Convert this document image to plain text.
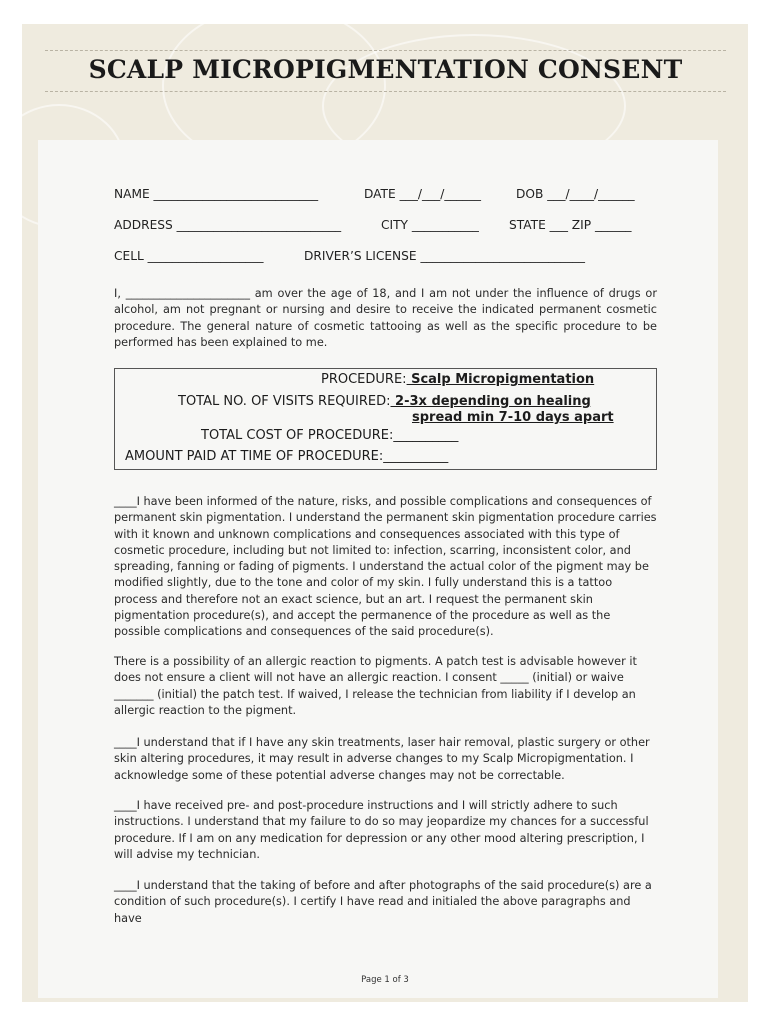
SCALP MICROPIGMENTATION CONSENT
NAME ___________________________	DATE ___/___/______	DOB ___/____/______
ADDRESS ___________________________	CITY ___________ STATE ___ ZIP ______
CELL ___________________	DRIVER’S LICENSE ___________________________

I, ______________________ am over the age of 18, and I am not under the influence of drugs or alcohol, am not pregnant or nursing and desire to receive the indicated permanent cosmetic procedure. The general nature of cosmetic tattooing as well as the specific procedure to be performed has been explained to me.

PROCEDURE: Scalp Micropigmentation
TOTAL NO. OF VISITS REQUIRED: 2-3x depending on healing
spread min 7-10 days apart
TOTAL COST OF PROCEDURE:__________
AMOUNT PAID AT TIME OF PROCEDURE:__________

____I have been informed of the nature, risks, and possible complications and consequences of permanent skin pigmentation. I understand the permanent skin pigmentation procedure carries with it known and unknown complications and consequences associated with this type of cosmetic procedure, including but not limited to: infection, scarring, inconsistent color, and spreading, fanning or fading of pigments. I understand the actual color of the pigment may be modified slightly, due to the tone and color of my skin. I fully understand this is a tattoo process and therefore not an exact science, but an art. I request the permanent skin pigmentation procedure(s), and accept the permanence of the procedure as well as the possible complications and consequences of the said procedure(s).

There is a possibility of an allergic reaction to pigments. A patch test is advisable however it does not ensure a client will not have an allergic reaction. I consent _____ (initial) or waive _______ (initial) the patch test. If waived, I release the technician from liability if I develop an allergic reaction to the pigment.

____I understand that if I have any skin treatments, laser hair removal, plastic surgery or other skin altering procedures, it may result in adverse changes to my Scalp Micropigmentation. I acknowledge some of these potential adverse changes may not be correctable.

____I have received pre- and post-procedure instructions and I will strictly adhere to such instructions. I understand that my failure to do so may jeopardize my chances for a successful procedure. If I am on any medication for depression or any other mood altering prescription, I will advise my technician.

____I understand that the taking of before and after photographs of the said procedure(s) are a condition of such procedure(s). I certify I have read and initialed the above paragraphs and have

Page 1 of 3
